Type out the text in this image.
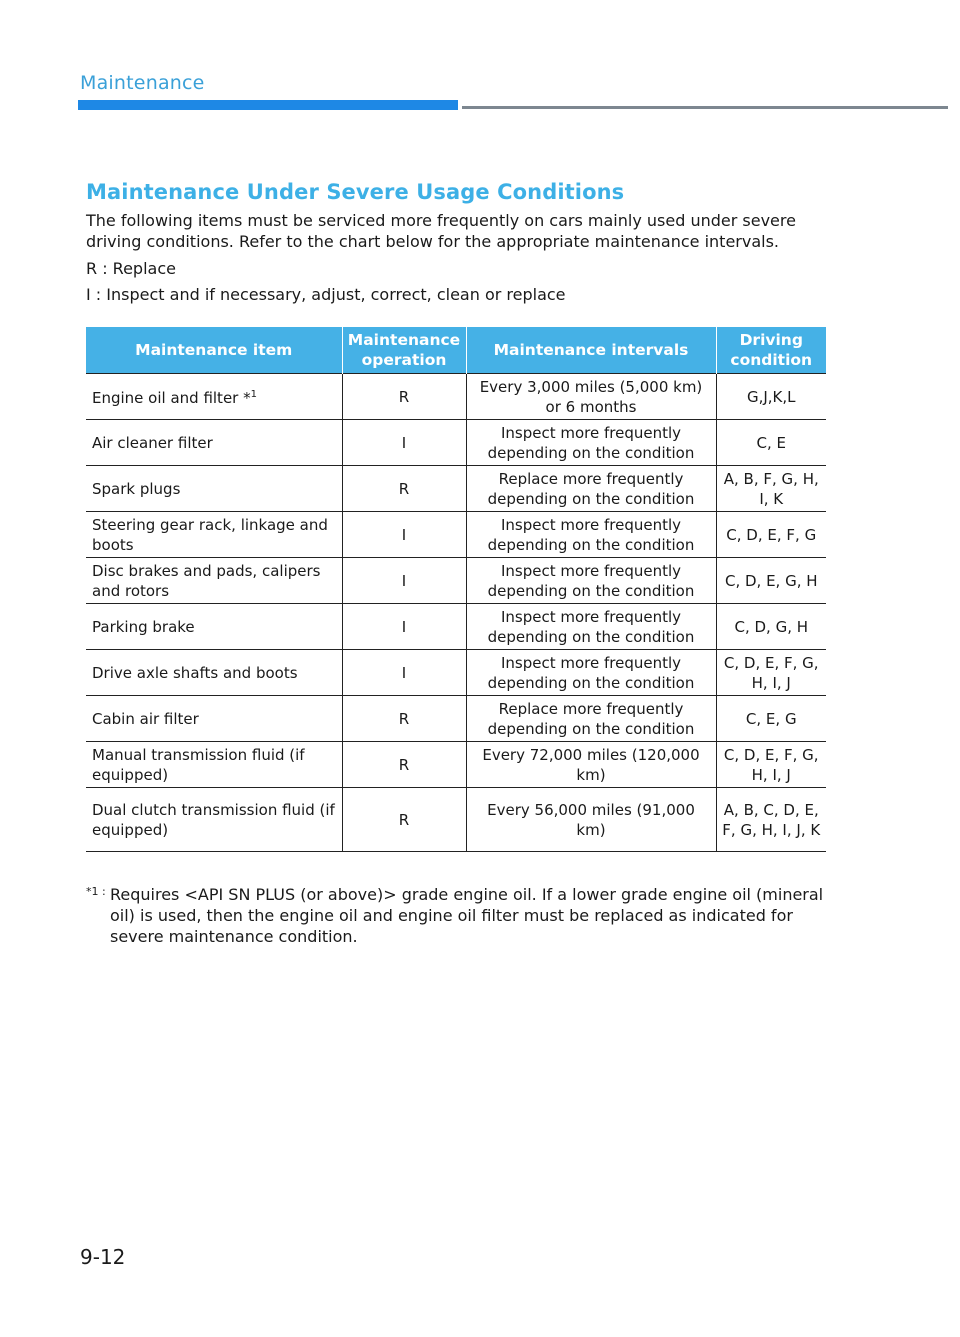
Maintenance
Maintenance Under Severe Usage Conditions

The following items must be serviced more frequently on cars mainly used under severe driving conditions. Refer to the chart below for the appropriate maintenance intervals.

R : Replace

I : Inspect and if necessary, adjust, correct, clean or replace

Maintenance item	Maintenance operation	Maintenance intervals	Driving condition
Engine oil and filter *$^1$	R	Every 3,000 miles (5,000 km) or 6 months	G,J,K,L
Air cleaner filter	I	Inspect more frequently depending on the condition	C, E
Spark plugs	R	Replace more frequently depending on the condition	A, B, F, G, H, I, K
Steering gear rack, linkage and boots	I	Inspect more frequently depending on the condition	C, D, E, F, G
Disc brakes and pads, calipers and rotors	I	Inspect more frequently depending on the condition	C, D, E, G, H
Parking brake	I	Inspect more frequently depending on the condition	C, D, G, H
Drive axle shafts and boots	I	Inspect more frequently depending on the condition	C, D, E, F, G, H, I, J
Cabin air filter	R	Replace more frequently depending on the condition	C, E, G
Manual transmission fluid (if equipped)	R	Every 72,000 miles (120,000 km)	C, D, E, F, G, H, I, J
Dual clutch transmission fluid (if equipped)	R	Every 56,000 miles (91,000 km)	A, B, C, D, E, F, G, H, I, J, K
*1 : Requires <API SN PLUS (or above)> grade engine oil. If a lower grade engine oil (mineral oil) is used, then the engine oil and engine oil filter must be replaced as indicated for severe maintenance condition.
9-12
